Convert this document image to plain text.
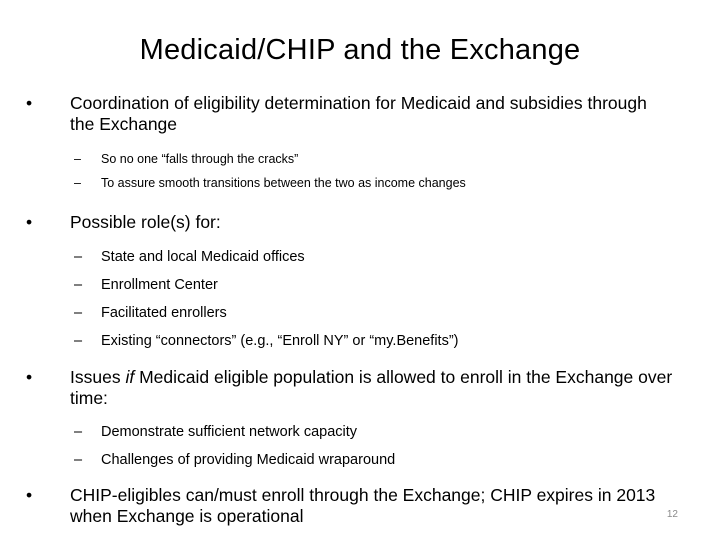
Medicaid/CHIP and the Exchange
•	Coordination of eligibility determination for Medicaid and subsidies through the Exchange
–	So no one “falls through the cracks”
–	To assure smooth transitions between the two as income changes
•	Possible role(s) for:
–	State and local Medicaid offices
–	Enrollment Center
–	Facilitated enrollers
–	Existing “connectors” (e.g., “Enroll NY” or “my.Benefits”)
•	Issues if Medicaid eligible population is allowed to enroll in the Exchange over time:
–	Demonstrate sufficient network capacity
–	Challenges of providing Medicaid wraparound
•	CHIP-eligibles can/must enroll through the Exchange; CHIP expires in 2013 when Exchange is operational	12
